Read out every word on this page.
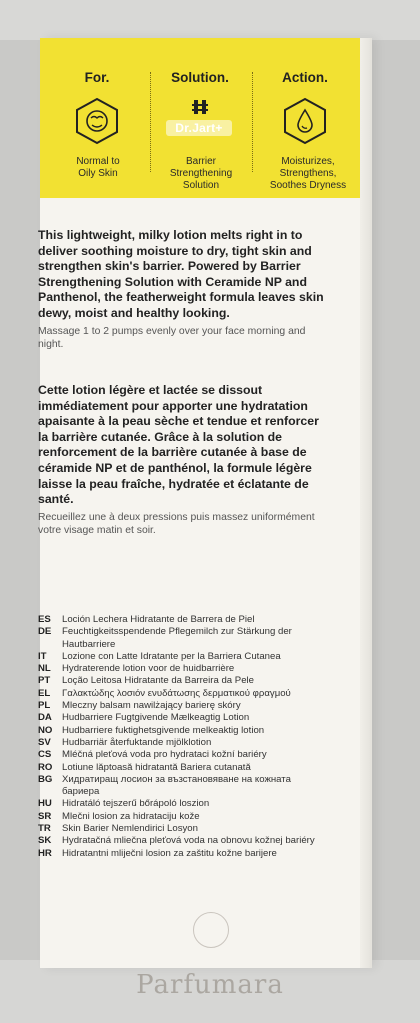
For.
Normal to
Oily Skin
Solution.
Dr.Jart+
Barrier
Strengthening
Solution
Action.
Moisturizes,
Strengthens,
Soothes Dryness
This lightweight, milky lotion melts right in to deliver soothing moisture to dry, tight skin and strengthen skin's barrier. Powered by Barrier Strengthening Solution with Ceramide NP and Panthenol, the featherweight formula leaves skin dewy, moist and healthy looking.
Massage 1 to 2 pumps evenly over your face morning and night.
Cette lotion légère et lactée se dissout immédiatement pour apporter une hydratation apaisante à la peau sèche et tendue et renforcer la barrière cutanée. Grâce à la solution de renforcement de la barrière cutanée à base de céramide NP et de panthénol, la formule légère laisse la peau fraîche, hydratée et éclatante de santé.
Recueillez une à deux pressions puis massez uniformément votre visage matin et soir.
ES	Loción Lechera Hidratante de Barrera de Piel
DE	Feuchtigkeitsspendende Pflegemilch zur Stärkung der Hautbarriere
IT	Lozione con Latte Idratante per la Barriera Cutanea
NL	Hydraterende lotion voor de huidbarrière
PT	Loção Leitosa Hidratante da Barreira da Pele
EL	Γαλακτώδης λοσιόν ενυδάτωσης δερματικού φραγμού
PL	Mleczny balsam nawilżający barierę skóry
DA	Hudbarriere Fugtgivende Mælkeagtig Lotion
NO	Hudbarriere fuktighetsgivende melkeaktig lotion
SV	Hudbarriär återfuktande mjölklotion
CS	Mléčná pleťová voda pro hydrataci kožní bariéry
RO	Lotiune lăptoasă hidratantă Bariera cutanată
BG	Хидратиращ лосион за възстановяване на кожната бариера
HU	Hidratáló tejszerű bőrápoló loszion
SR	Mlečni losion za hidrataciju kože
TR	Skin Barier Nemlendirici Losyon
SK	Hydratačná mliečna pleťová voda na obnovu kožnej bariéry
HR	Hidratantni mliječni losion za zaštitu kožne barijere
Parfumara
